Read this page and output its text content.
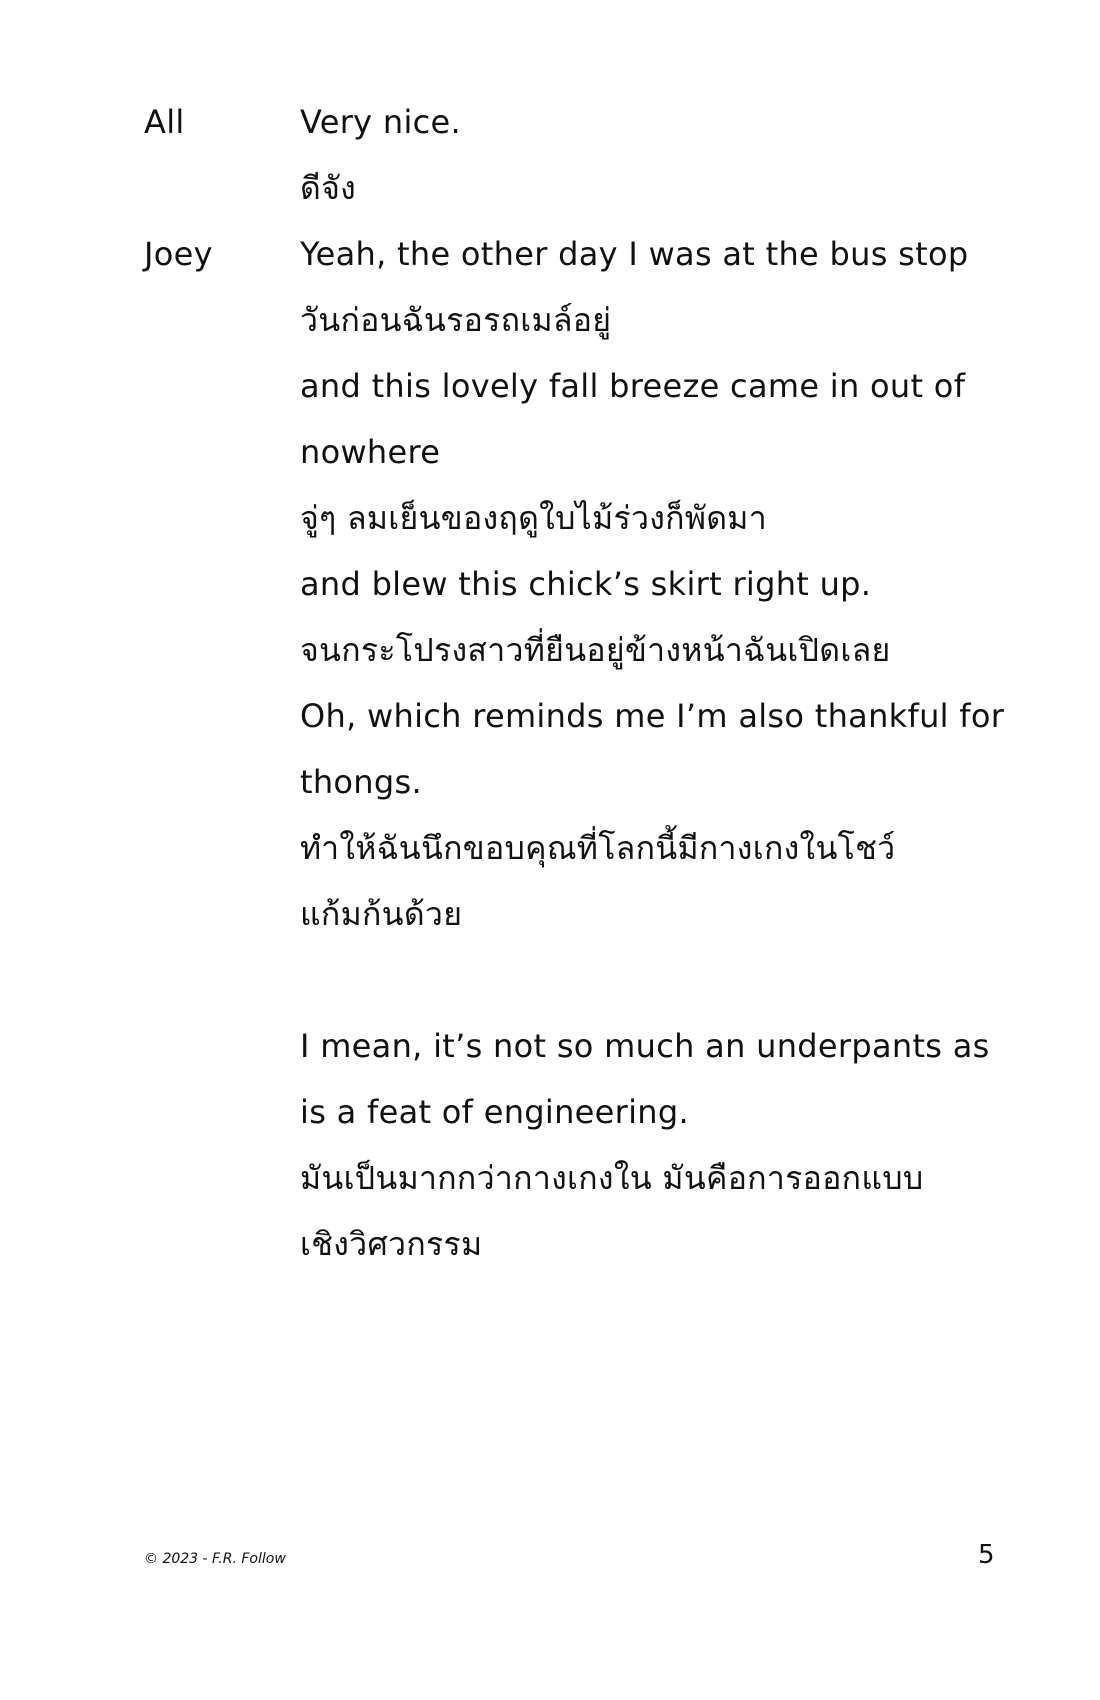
All	Very nice.
ดีจัง
Joey	Yeah, the other day I was at the bus stop
วันก่อนฉันรอรถเมล์อยู่
and this lovely fall breeze came in out of
nowhere
จู่ๆ ลมเย็นของฤดูใบไม้ร่วงก็พัดมา
and blew this chick’s skirt right up.
จนกระโปรงสาวที่ยืนอยู่ข้างหน้าฉันเปิดเลย
Oh, which reminds me I’m also thankful for
thongs.
ทำให้ฉันนึกขอบคุณที่โลกนี้มีกางเกงในโชว์
แก้มก้นด้วย
I mean, it’s not so much an underpants as
is a feat of engineering.
มันเป็นมากกว่ากางเกงใน มันคือการออกแบบ
เชิงวิศวกรรม
© 2023 - F.R. Follow	5
